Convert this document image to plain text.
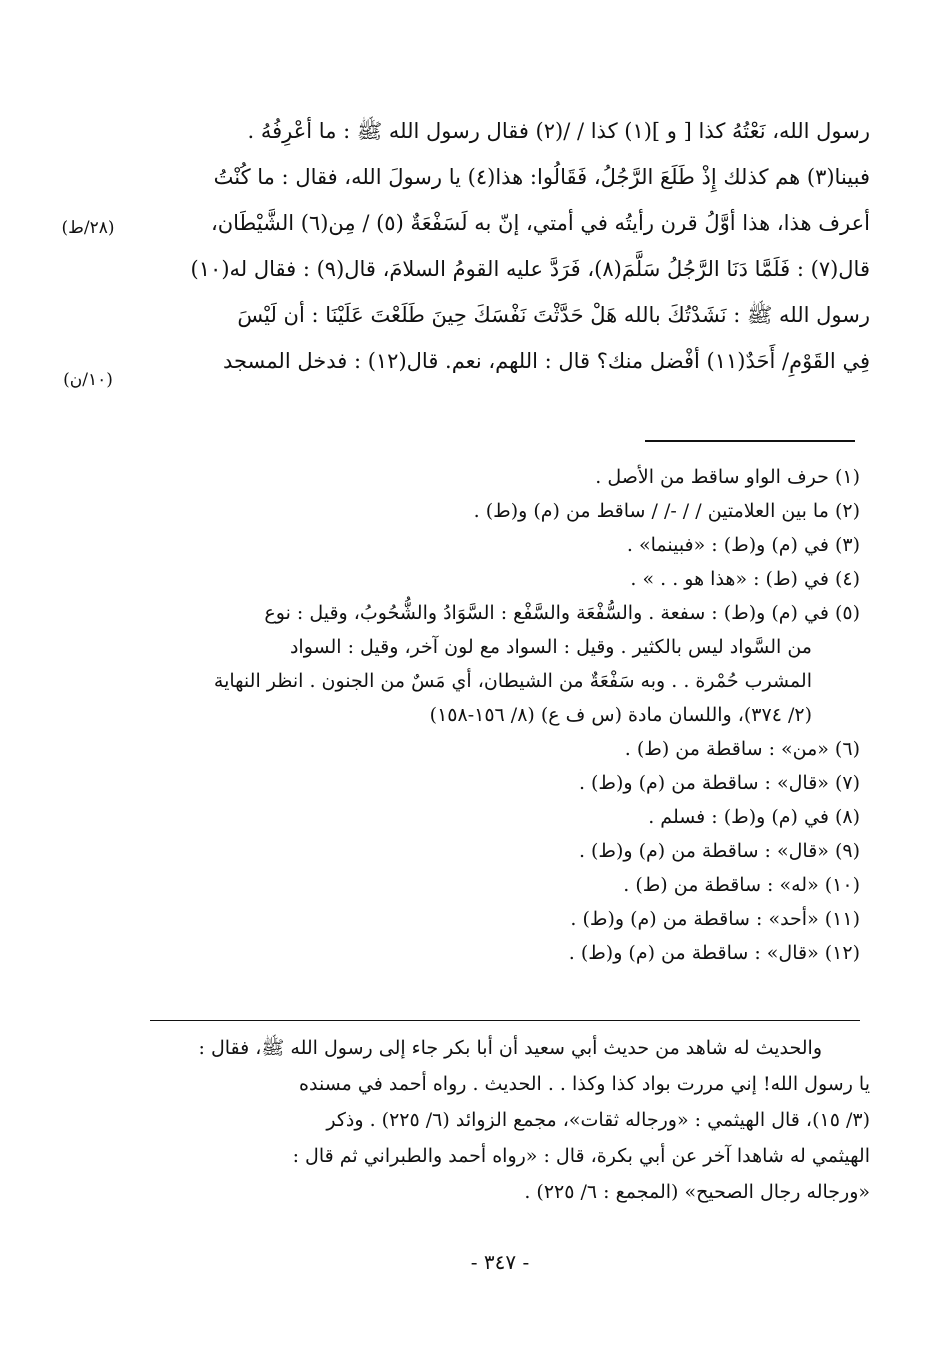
رسول الله، نَعْتُهُ كذا [ و ](١) كذا / /(٢) فقال رسول الله ﷺ : ما أعْرِفُهُ .
فبينا(٣) هم كذلك إِذْ طَلَعَ الرَّجُلُ، فَقَالُوا: هذا(٤) يا رسولَ الله، فقال : ما كُنْتُ
أعرف هذا، هذا أوَّلُ قرن رأيتُه في أمتي، إنّ به لَسَفْعَةٌ (٥) / مِن(٦) الشَّيْطَان،
قال(٧) : فَلَمَّا دَنَا الرَّجُلُ سَلَّمَ(٨)، فَرَدَّ عليه القومُ السلامَ، قال(٩) : فقال له(١٠)
رسول الله ﷺ : نَشَدْتُكَ بالله هَلْ حَدَّثْتَ نَفْسَكَ حِينَ طَلَعْتَ عَلَيْنَا : أن لَيْسَ
فِي القَوْمِ/ أَحَدٌ(١١) أفْضل منك؟ قال : اللهم، نعم. قال(١٢) : فدخل المسجد
(٢٨/ط)
(١٠/ن)
(١) حرف الواو ساقط من الأصل .
(٢) ما بين العلامتين / / -/ / ساقط من (م) و(ط) .
(٣) في (م) و(ط) : «فبينما» .
(٤) في (ط) : «هذا هو . . » .
(٥) في (م) و(ط) : سفعة . والسُّفْعَة والسَّفْع : السَّوَادُ والشُّحُوبُ، وقيل : نوع
من السَّواد ليس بالكثير . وقيل : السواد مع لون آخر، وقيل : السواد
المشرب حُمْرة . . وبه سَفْعَةٌ من الشيطان، أي مَسٌ من الجنون . انظر النهاية
(٢/ ٣٧٤)، واللسان مادة (س ف ع) (٨/ ١٥٦-١٥٨)
(٦) «من» : ساقطة من (ط) .
(٧) «قال» : ساقطة من (م) و(ط) .
(٨) في (م) و(ط) : فسلم .
(٩) «قال» : ساقطة من (م) و(ط) .
(١٠) «له» : ساقطة من (ط) .
(١١) «أحد» : ساقطة من (م) و(ط) .
(١٢) «قال» : ساقطة من (م) و(ط) .
والحديث له شاهد من حديث أبي سعيد أن أبا بكر جاء إلى رسول الله ﷺ، فقال :
يا رسول الله! إني مررت بواد كذا وكذا . . الحديث . رواه أحمد في مسنده
(٣/ ١٥)، قال الهيثمي : «ورجاله ثقات»، مجمع الزوائد (٦/ ٢٢٥) . وذكر
الهيثمي له شاهدا آخر عن أبي بكرة، قال : «رواه أحمد والطبراني ثم قال :
«ورجاله رجال الصحيح» (المجمع : ٦/ ٢٢٥) .
- ٣٤٧ -
